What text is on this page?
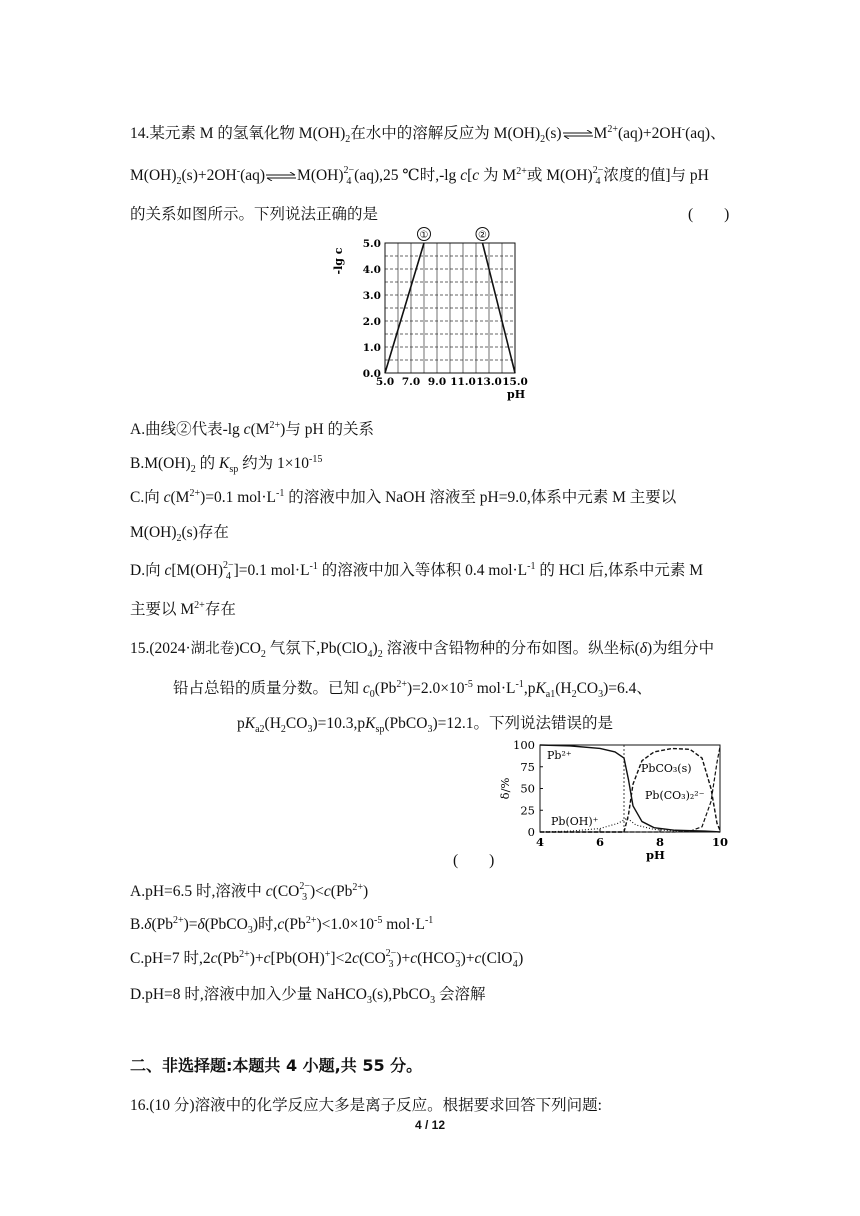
14.某元素 M 的氢氧化物 $M(OH)_2$在水中的溶解反应为 $M(OH)_2(s)\rightleftharpoons M^{2+}(aq)+2OH^-(aq)$、
$M(OH)_2(s)+2OH^-(aq)\rightleftharpoons M(OH)$ 2−
4 (aq),25 ℃时,-lg c[c 为 $M^{2+}$或 M(OH) 2−
4 浓度的值]与 pH
的关系如图所示。下列说法正确的是	(　　)
5.0 7.0 9.0 11.0 13.0 15.0
0.0
1.0
2.0
3.0
4.0
5.0
pH
-lg c
①	②
A.曲线②代表-lg $c(M^{2+})$与 pH 的关系
$B.M(OH)_2$ 的 $K_{sp}$ 约为 $1\times 10^{-15}$
C.向 $c(M^{2+})=0.1$ $mol\cdot L^{-1}$ 的溶液中加入 NaOH 溶液至 pH=9.0,体系中元素 M 主要以
$M(OH)_2(s)$存在
D.向 c[M(OH) 2−
4 ]=0.1 $mol\cdot L^{-1}$ 的溶液中加入等体积 0.4 $mol\cdot L^{-1}$ 的 HCl 后,体系中元素 M
主要以 $M^{2+}$存在
15.(2024·湖北卷)$CO_2$ 气氛下$,Pb(ClO_4)_2$ 溶液中含铅物种的分布如图。纵坐标(δ)为组分中
铅占总铅的质量分数。已知 $c_0(Pb^{2+})=2.0\times 10^{-5}$ $mol\cdot L^{-1},pK_{a1}(H_2CO_3)=6.4$、
$pK_{a2}(H_2CO_3)=10.3,pK_{sp}(PbCO_3)=12.1$。下列说法错误的是
4	6	8	10
0
25
50
75
100
pH
δ/%
Pb²⁺
PbCO₃(s)
Pb(CO₃)₂²⁻
Pb(OH)⁺
(　　)
A.pH=6.5 时,溶液中 c(CO 2−
3 )$<c(Pb^{2+})$
$B.\delta(Pb^{2+})=\delta(PbCO_3)$时$,c(Pb^{2+})<1.0\times 10^{-5}$ $mol\cdot L^{-1}$
C.pH=7 时$,2c(Pb^{2+})+c[Pb(OH)^+]<2c(CO$ 2−
3 )+c(HCO −
3 )+c(ClO −
4 )
D.pH=8 时,溶液中加入少量 NaHCO$_3$(s),PbCO$_3$ 会溶解
二、非选择题:本题共 4 小题,共 55 分。
16.(10 分)溶液中的化学反应大多是离子反应。根据要求回答下列问题:
4 / 12
